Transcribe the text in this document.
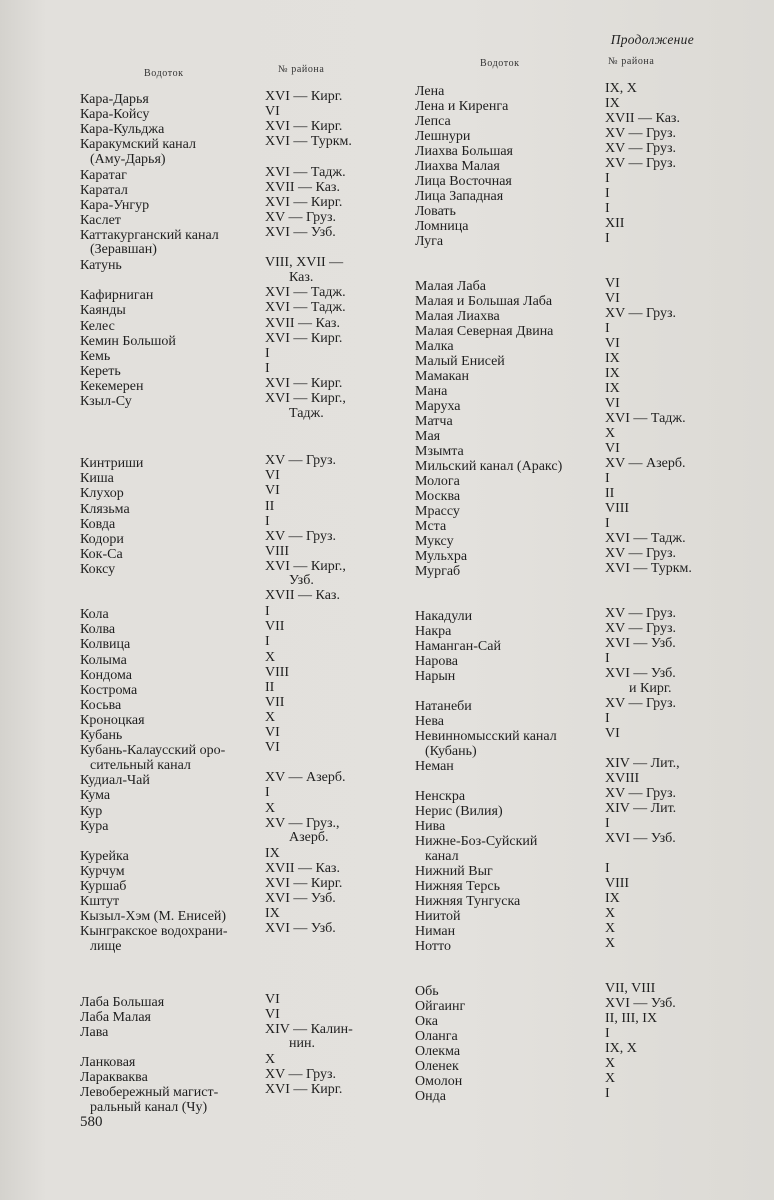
Продолжение
Водоток	№ района
Водоток	№ района
Кара-Дарья	XVI — Кирг.
Кара-Койсу	VI
Кара-Кульджа	XVI — Кирг.
Каракумский канал
(Аму-Дарья)
XVI — Туркм.
Карaтаг	XVI — Тадж.
Каратал	XVII — Каз.
Кара-Унгур	XVI — Кирг.
Каслет	XV — Груз.
Каттакурганский канал
(Зеравшан)
XVI — Узб.
Катунь	VIII, XVII —
Каз.
Кафирниган	XVI — Тадж.
Каянды	XVI — Тадж.
Келес	XVII — Каз.
Кемин Большой	XVI — Кирг.
Кемь	I
Кереть	I
Кекемерен	XVI — Кирг.
Кзыл-Су	XVI — Кирг.,
Тадж.
Кинтриши	XV — Груз.
Киша	VI
Клухор	VI
Клязьма	II
Ковда	I
Кодори	XV — Груз.
Кок-Са	VIII
Коксу	XVI — Кирг.,
Узб.
XVII — Каз.
Кола	I
Колва	VII
Колвица	I
Колыма	X
Кондома	VIII
Кострома	II
Косьва	VII
Кроноцкая	X
Кубань	VI
Кубань-Калаусский оро-
сительный канал
VI
Кудиал-Чай	XV — Азерб.
Кума	I
Кур	X
Кура	XV — Груз.,
Азерб.
Курейка	IX
Курчум	XVII — Каз.
Куршаб	XVI — Кирг.
Кштут	XVI — Узб.
Кызыл-Хэм (М. Енисей)	IX
Кынгракское водохрани-
лище
XVI — Узб.
Лаба Большая	VI
Лаба Малая	VI
Лава	XIV — Калин-
нин.
Ланковая	X
Ларакваква	XV — Груз.
Левобережный магист-
ральный канал (Чу)
XVI — Кирг.
Лена	IX, X
Лена и Киренга	IX
Лепса	XVII — Каз.
Лешнури	XV — Груз.
Лиахва Большая	XV — Груз.
Лиахва Малая	XV — Груз.
Лица Восточная	I
Лица Западная	I
Ловать	I
Ломница	XII
Луга	I
Малая Лаба	VI
Малая и Большая Лаба	VI
Малая Лиахва	XV — Груз.
Малая Северная Двина	I
Малка	VI
Малый Енисей	IX
Мамакан	IX
Мана	IX
Маруха	VI
Матча	XVI — Тадж.
Мая	X
Мзымта	VI
Мильский канал (Аракс)	XV — Азерб.
Молога	I
Москва	II
Мрассу	VIII
Мста	I
Муксу	XVI — Тадж.
Мульхра	XV — Груз.
Мургаб	XVI — Туркм.
Накадули	XV — Груз.
Накра	XV — Груз.
Наманган-Сай	XVI — Узб.
Нарова	I
Нарын	XVI — Узб.
и Кирг.
Натанеби	XV — Груз.
Нева	I
Невинномысский канал
(Кубань)
VI
Неман	XIV — Лит.,
XVIII
Ненскра	XV — Груз.
Нерис (Вилия)	XIV — Лит.
Нива	I
Нижне-Боз-Суйский
канал
XVI — Узб.
Нижний Выг	I
Нижняя Терсь	VIII
Нижняя Тунгуска	IX
Ниитой	X
Ниман	X
Нотто	X
Обь	VII, VIII
Ойгаинг	XVI — Узб.
Ока	II, III, IX
Оланга	I
Олекма	IX, X
Оленек	X
Омолон	X
Онда	I
580
